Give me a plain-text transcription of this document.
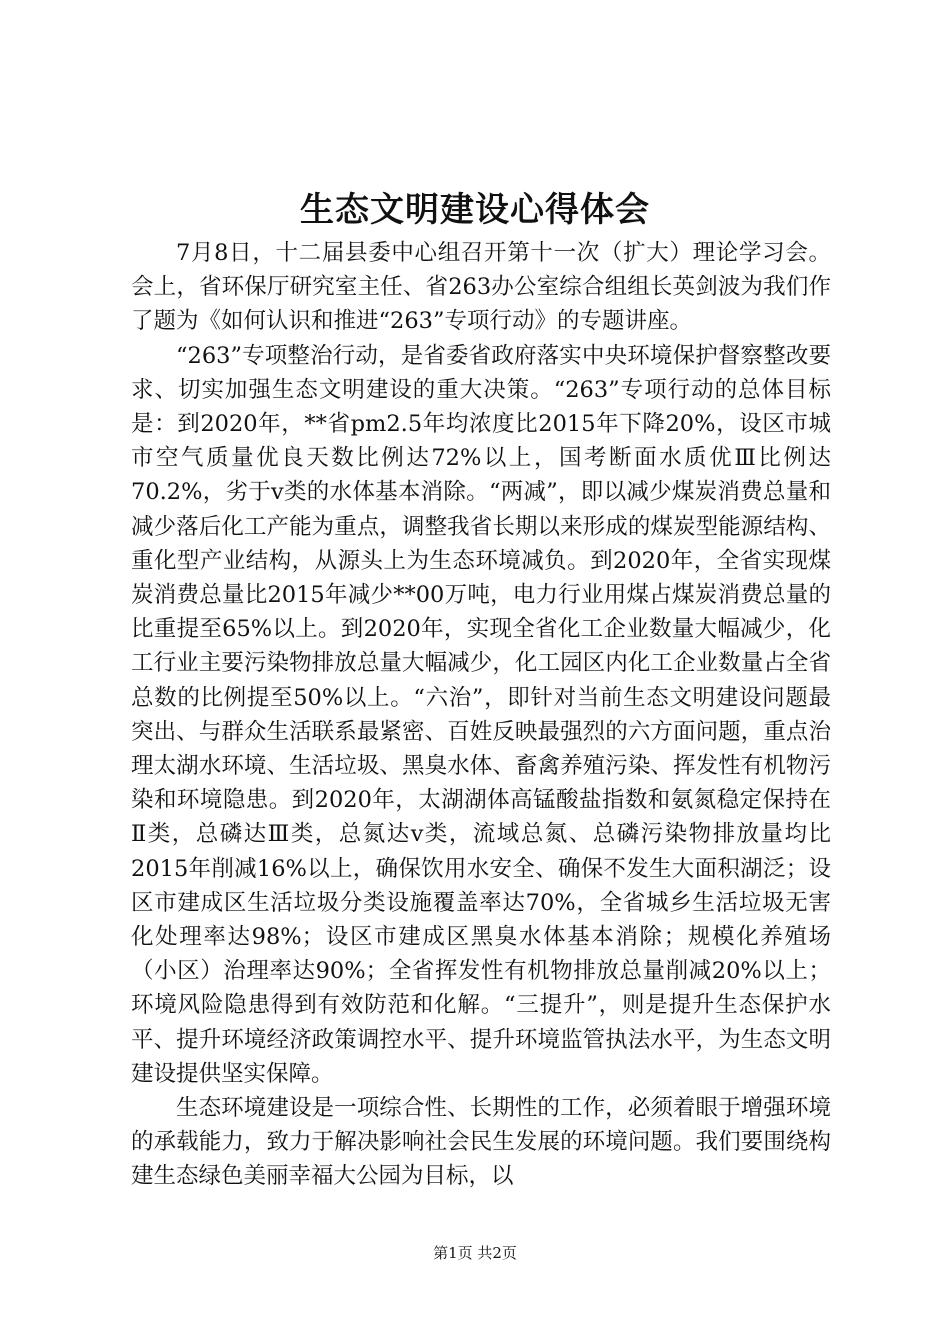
生态文明建设心得体会

7月8日，十二届县委中心组召开第十一次（扩大）理论学习会。会上，省环保厅研究室主任、省263办公室综合组组长英剑波为我们作了题为《如何认识和推进“263”专项行动》的专题讲座。

“263”专项整治行动，是省委省政府落实中央环境保护督察整改要求、切实加强生态文明建设的重大决策。“263”专项行动的总体目标是：到2020年，**省pm2.5年均浓度比2015年下降20%，设区市城市空气质量优良天数比例达72%以上，国考断面水质优Ⅲ比例达70.2%，劣于v类的水体基本消除。“两减”，即以减少煤炭消费总量和减少落后化工产能为重点，调整我省长期以来形成的煤炭型能源结构、重化型产业结构，从源头上为生态环境减负。到2020年，全省实现煤炭消费总量比2015年减少**00万吨，电力行业用煤占煤炭消费总量的比重提至65%以上。到2020年，实现全省化工企业数量大幅减少，化工行业主要污染物排放总量大幅减少，化工园区内化工企业数量占全省总数的比例提至50%以上。“六治”，即针对当前生态文明建设问题最突出、与群众生活联系最紧密、百姓反映最强烈的六方面问题，重点治理太湖水环境、生活垃圾、黑臭水体、畜禽养殖污染、挥发性有机物污染和环境隐患。到2020年，太湖湖体高锰酸盐指数和氨氮稳定保持在Ⅱ类，总磷达Ⅲ类，总氮达v类，流域总氮、总磷污染物排放量均比2015年削减16%以上，确保饮用水安全、确保不发生大面积湖泛；设区市建成区生活垃圾分类设施覆盖率达70%，全省城乡生活垃圾无害化处理率达98%；设区市建成区黑臭水体基本消除；规模化养殖场（小区）治理率达90%；全省挥发性有机物排放总量削减20%以上；环境风险隐患得到有效防范和化解。“三提升”，则是提升生态保护水平、提升环境经济政策调控水平、提升环境监管执法水平，为生态文明建设提供坚实保障。

生态环境建设是一项综合性、长期性的工作，必须着眼于增强环境的承载能力，致力于解决影响社会民生发展的环境问题。我们要围绕构建生态绿色美丽幸福大公园为目标，以

第1页 共2页
